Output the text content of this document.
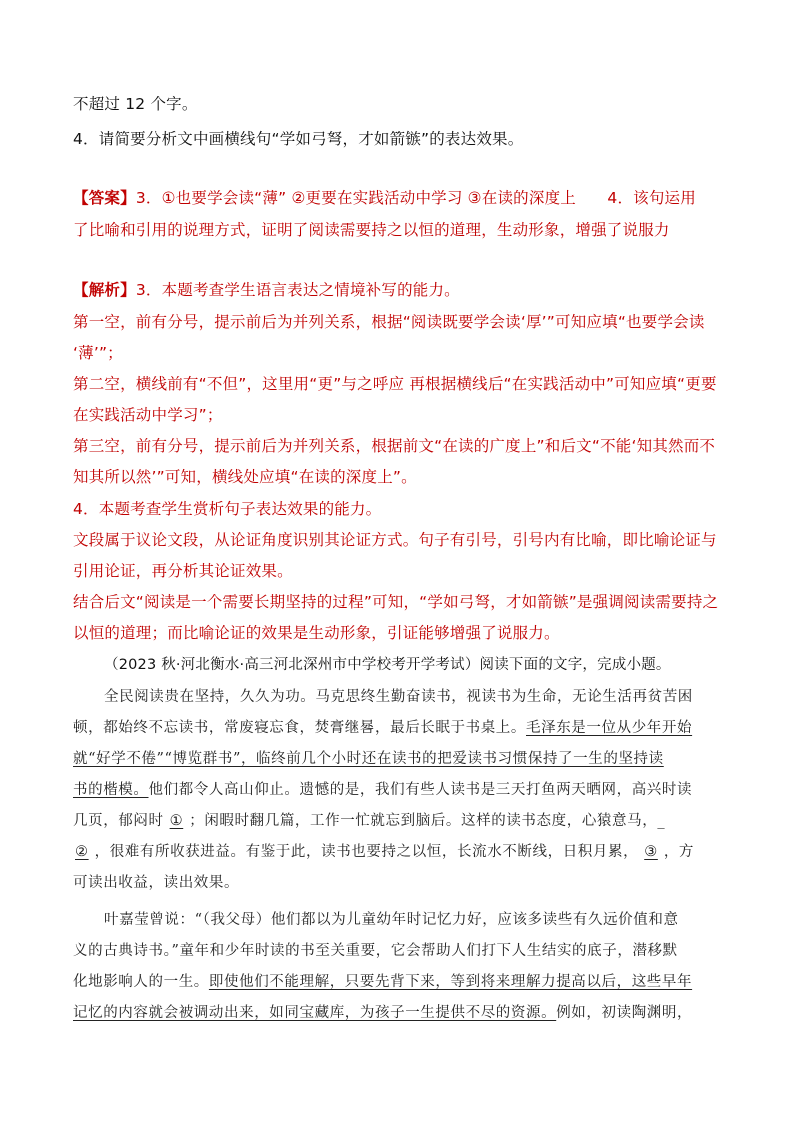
不超过 12 个字。
4．请简要分析文中画横线句“学如弓弩，才如箭镞”的表达效果。
【答案】3．①也要学会读“薄” ②更要在实践活动中学习 ③在读的深度上　　4．该句运用
了比喻和引用的说理方式，证明了阅读需要持之以恒的道理，生动形象，增强了说服力
【解析】3．本题考查学生语言表达之情境补写的能力。
第一空，前有分号，提示前后为并列关系，根据“阅读既要学会读‘厚’”可知应填“也要学会读
‘薄’”；
第二空，横线前有“不但”，这里用“更”与之呼应 再根据横线后“在实践活动中”可知应填“更要
在实践活动中学习”；
第三空，前有分号，提示前后为并列关系，根据前文“在读的广度上”和后文“不能‘知其然而不
知其所以然’”可知，横线处应填“在读的深度上”。
4．本题考查学生赏析句子表达效果的能力。
文段属于议论文段，从论证角度识别其论证方式。句子有引号，引号内有比喻，即比喻论证与
引用论证，再分析其论证效果。
结合后文“阅读是一个需要长期坚持的过程”可知，“学如弓弩，才如箭镞”是强调阅读需要持之
以恒的道理；而比喻论证的效果是生动形象，引证能够增强了说服力。
（2023 秋·河北衡水·高三河北深州市中学校考开学考试）阅读下面的文字，完成小题。
全民阅读贵在坚持，久久为功。马克思终生勤奋读书，视读书为生命，无论生活再贫苦困
顿，都始终不忘读书，常废寝忘食，焚膏继晷，最后长眠于书桌上。毛泽东是一位从少年开始
就“好学不倦”“博览群书”，临终前几个小时还在读书的把爱读书习惯保持了一生的坚持读
书的楷模。他们都令人高山仰止。遗憾的是，我们有些人读书是三天打鱼两天晒网，高兴时读
几页，郁闷时 ① ；闲暇时翻几篇，工作一忙就忘到脑后。这样的读书态度，心猿意马，_
② ，很难有所收获进益。有鉴于此，读书也要持之以恒，长流水不断线，日积月累， ③ ，方
可读出收益，读出效果。
叶嘉莹曾说：“（我父母）他们都以为儿童幼年时记忆力好，应该多读些有久远价值和意
义的古典诗书。”童年和少年时读的书至关重要，它会帮助人们打下人生结实的底子，潜移默
化地影响人的一生。即使他们不能理解，只要先背下来，等到将来理解力提高以后，这些早年
记忆的内容就会被调动出来，如同宝藏库，为孩子一生提供不尽的资源。例如，初读陶渊明，
